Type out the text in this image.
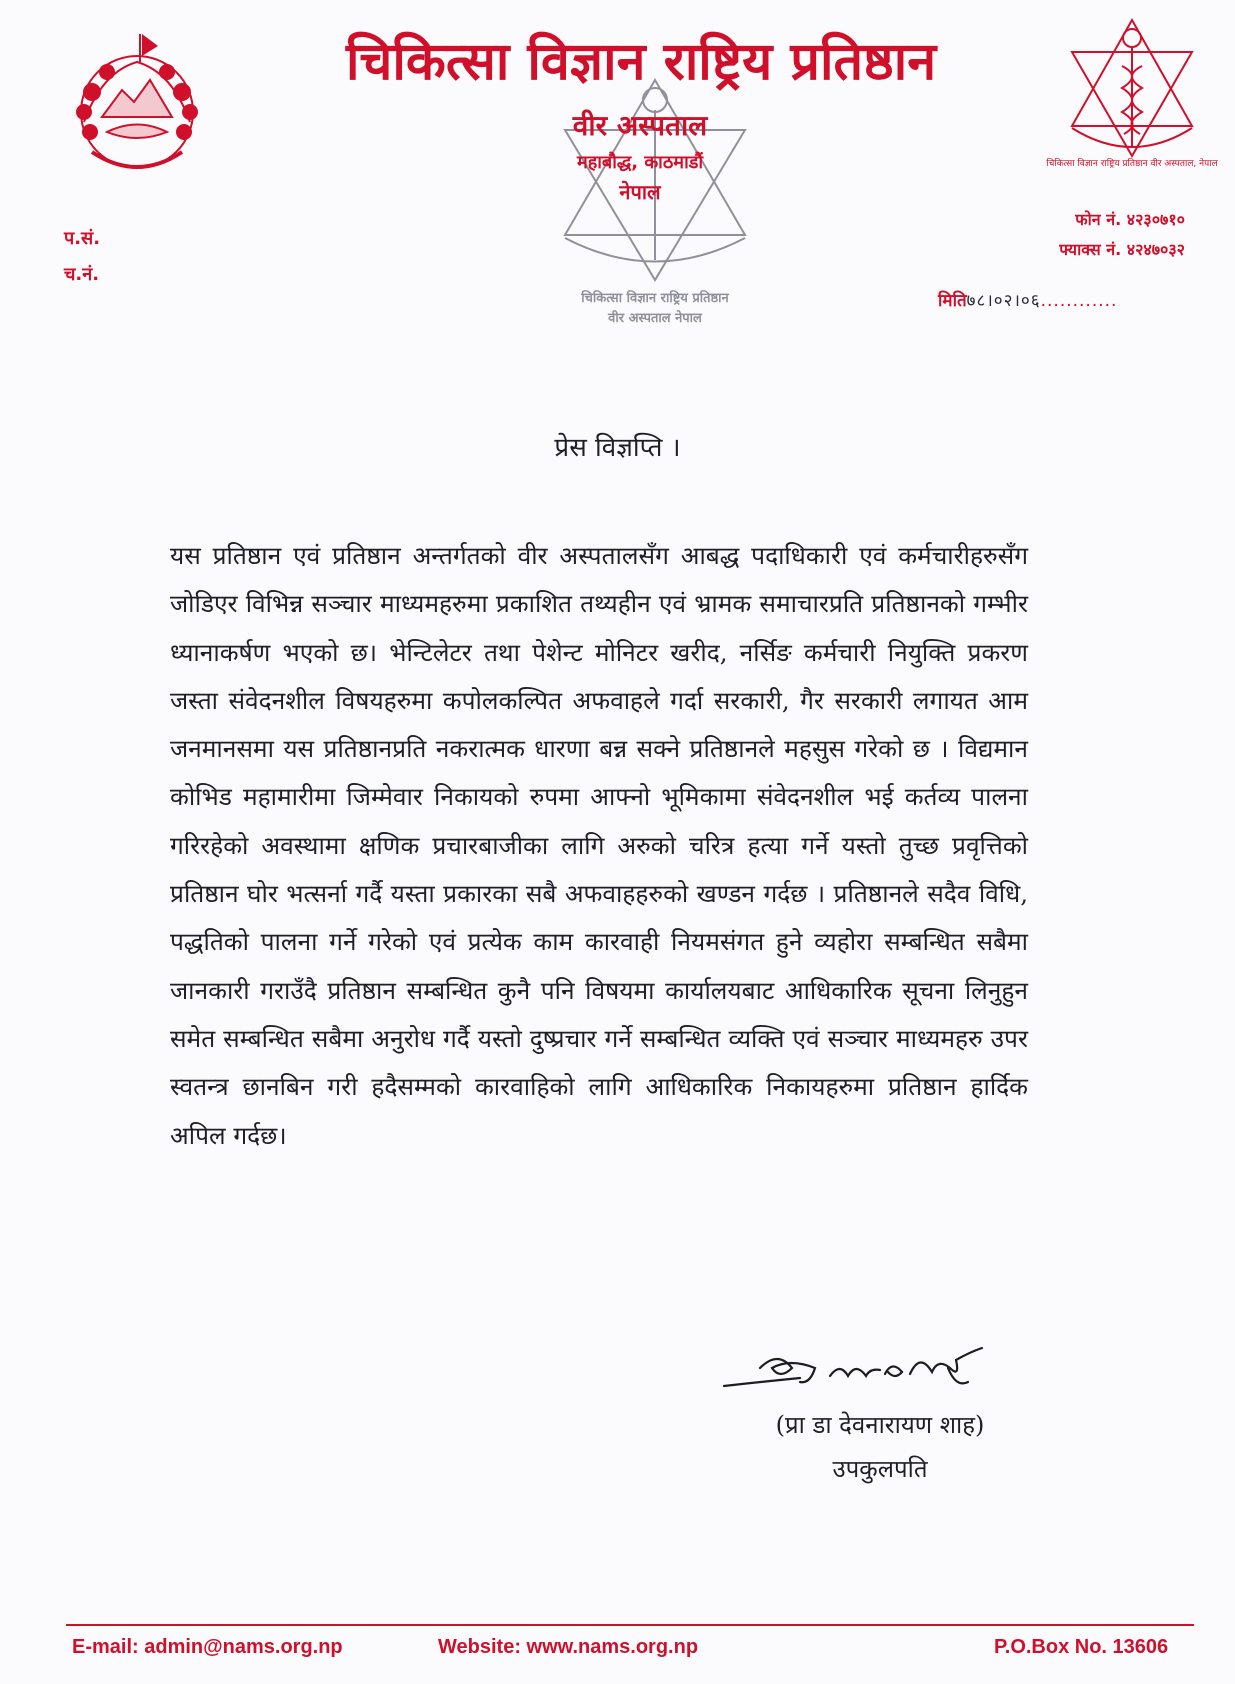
चिकित्सा विज्ञान राष्ट्रिय प्रतिष्ठान वीर अस्पताल, नेपाल
चिकित्सा विज्ञान राष्ट्रिय प्रतिष्ठान
वीर अस्पताल नेपाल
चिकित्सा विज्ञान राष्ट्रिय प्रतिष्ठान
वीर अस्पताल
महाबौद्ध, काठमाडौं
नेपाल
प.सं.
च.नं.
फोन नं. ४२३०७१०
फ्याक्स नं. ४२४७०३२
मिति७८।०२।०६............
प्रेस विज्ञप्ति ।
यस प्रतिष्ठान एवं प्रतिष्ठान अन्तर्गतको वीर अस्पतालसँग आबद्ध पदाधिकारी एवं कर्मचारीहरुसँग जोडिएर विभिन्न सञ्चार माध्यमहरुमा प्रकाशित तथ्यहीन एवं भ्रामक समाचारप्रति प्रतिष्ठानको गम्भीर ध्यानाकर्षण भएको छ। भेन्टिलेटर तथा पेशेन्ट मोनिटर खरीद, नर्सिङ कर्मचारी नियुक्ति प्रकरण जस्ता संवेदनशील विषयहरुमा कपोलकल्पित अफवाहले गर्दा सरकारी, गैर सरकारी लगायत आम जनमानसमा यस प्रतिष्ठानप्रति नकरात्मक धारणा बन्न सक्ने प्रतिष्ठानले महसुस गरेको छ । विद्यमान कोभिड महामारीमा जिम्मेवार निकायको रुपमा आफ्नो भूमिकामा संवेदनशील भई कर्तव्य पालना गरिरहेको अवस्थामा क्षणिक प्रचारबाजीका लागि अरुको चरित्र हत्या गर्ने यस्तो तुच्छ प्रवृत्तिको प्रतिष्ठान घोर भत्सर्ना गर्दै यस्ता प्रकारका सबै अफवाहहरुको खण्डन गर्दछ । प्रतिष्ठानले सदैव विधि, पद्धतिको पालना गर्ने गरेको एवं प्रत्येक काम कारवाही नियमसंगत हुने व्यहोरा सम्बन्धित सबैमा जानकारी गराउँदै प्रतिष्ठान सम्बन्धित कुनै पनि विषयमा कार्यालयबाट आधिकारिक सूचना लिनुहुन समेत सम्बन्धित सबैमा अनुरोध गर्दै यस्तो दुष्प्रचार गर्ने सम्बन्धित व्यक्ति एवं सञ्चार माध्यमहरु उपर स्वतन्त्र छानबिन गरी हदैसम्मको कारवाहिको लागि आधिकारिक निकायहरुमा प्रतिष्ठान हार्दिक अपिल गर्दछ।
(प्रा डा देवनारायण शाह)
उपकुलपति
E-mail: admin@nams.org.np	Website: www.nams.org.np	P.O.Box No. 13606
